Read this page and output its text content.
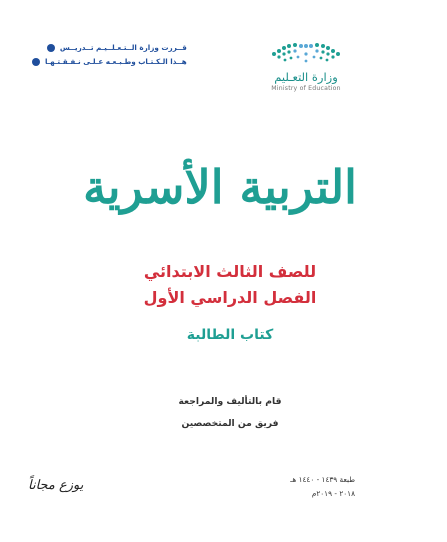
قــررت وزارة الــتـعـلــيـم تــدريــس
هــذا الـكـتـاب وطـبـعـه عـلـى نـفـقـتـهـا
وزارة التعـليم
Ministry of Education
التربية الأسرية
للصف الثالث الابتدائي
الفصل الدراسي الأول
كتاب الطالبة
قام بالتأليف والمراجعة
فريق من المتخصصين
يوزع مجاناً	طبعة ١٤٣٩ - ١٤٤٠ هـ
٢٠١٨ - ٢٠١٩م
